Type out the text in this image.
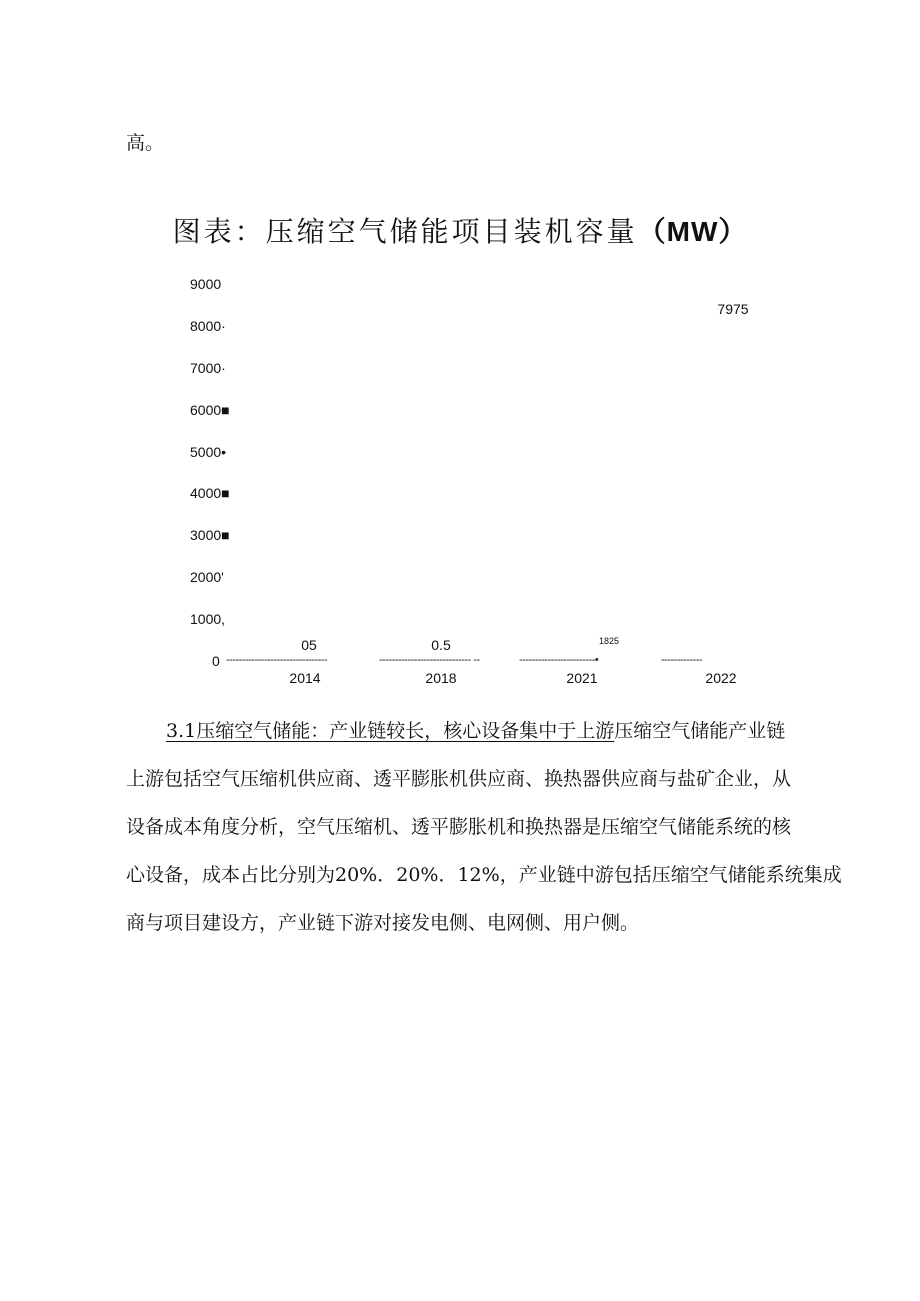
高。
图表：压缩空气储能项目装机容量（MW）
9000
8000·
7000·
6000■
5000•
4000■
3000■
2000'
1000,
0
2014	2018	2021	2022
05	0.5	1825
7975
--------------------------------	----------------------------- --	------------------------•	-------------
3.1压缩空气储能：产业链较长，核心设备集中于上游压缩空气储能产业链
上游包括空气压缩机供应商、透平膨胀机供应商、换热器供应商与盐矿企业，从
设备成本角度分析，空气压缩机、透平膨胀机和换热器是压缩空气储能系统的核
心设备，成本占比分别为20%．20%．12%，产业链中游包括压缩空气储能系统集成
商与项目建设方，产业链下游对接发电侧、电网侧、用户侧。
